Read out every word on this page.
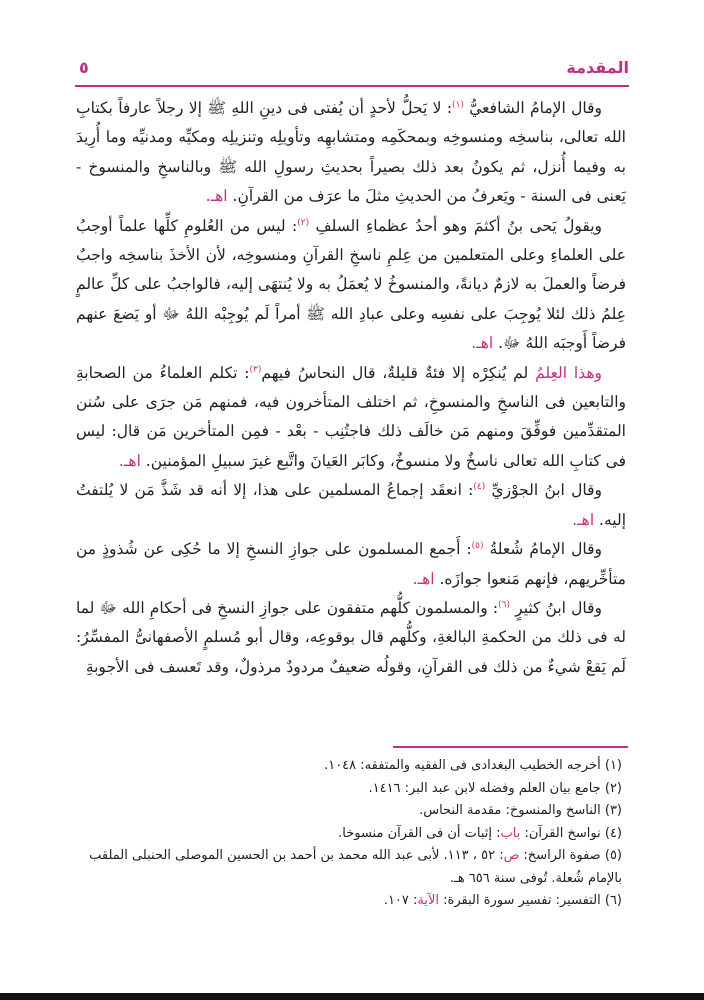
المقدمة
٥

وقال الإمامُ الشافعيُّ $^{(١)}$: لا يَحلُّ لأحدٍ أن يُفتى فى دينِ اللهِ ﷺ إلا رجلاً عارفاً بكتابِ الله تعالى، بناسخِه ومنسوخِه وبمحكَمِه ومتشابهِه وتأويلِه وتنزيلِه ومكيِّه ومدنيِّه وما أُرِيدَ به وفيما أُنزل، ثم يكونُ بعد ذلك بصيراً بحديثِ رسولِ الله ﷺ وبالناسخِ والمنسوخ - يَعنى فى السنة - ويَعرفُ من الحديثِ مثلَ ما عرَف من القرآنِ. اهـ.

ويقولُ يَحى بنُ أكثمَ وهو أحدُ عظماءِ السلفِ $^{(٢)}$: ليس من العُلومِ كلِّها علماً أوجبُ على العلماءِ وعلى المتعلمين من عِلمِ ناسخِ القرآنِ ومنسوخِه، لأن الأخذَ بناسخِه واجبٌ فرضاً والعملَ به لازمٌ ديانةً، والمنسوخُ لا يُعمَلُ به ولا يُنتهَى إليه، فالواجبُ على كلِّ عالمٍ عِلمُ ذلك لئلا يُوجِبَ على نفسِه وعلى عبادِ الله ﷺ أمراً لَم يُوجِبْه اللهُ ﷻ أو يَضعَ عنهم فرضاً أَوجبَه اللهُ ﷻ. اهـ.

وهذا العِلمُ لم يُنكِرْه إلا فئةٌ قليلةٌ، قال النحاسُ فيهم$^{(٣)}$: تكلم العلماءُ من الصحابةِ والتابعين فى الناسخِ والمنسوخِ، ثم اختلف المتأخرون فيه، فمنهم مَن جرَى على سُنن المتقدِّمين فوفِّقَ ومنهم مَن خالَف ذلك فاجتُنِب - بعْد - فمِن المتأخرين مَن قال: ليس فى كتابِ الله تعالى ناسخٌ ولا منسوخٌ، وكابَر العَيانَ واتَّبع غيرَ سبيلِ المؤمنين. اهـ.

وقال ابنُ الجوْزيِّ $^{(٤)}$: انعقَد إجماعُ المسلمين على هذا، إلا أنه قد شَذَّ مَن لا يُلتفتُ إليه. اهـ.

وقال الإمامُ شُعلةُ $^{(٥)}$: أَجمع المسلمون على جوازِ النسخِ إلا ما حُكِى عن شُذوذٍ من متأخِّريهم، فإنهم مَنعوا جوازَه. اهـ.

وقال ابنُ كثيرٍ $^{(٦)}$: والمسلمون كلُّهم متفقون على جوازِ النسخِ فى أحكامِ الله ﷻ لما له فى ذلك من الحكمةِ البالغةِ، وكلُّهم قال بوقوعِه، وقال أبو مُسلمٍ الأصفهانىُّ المفسِّرُ: لَم يَقعْ شيءٌ من ذلك فى القرآنِ، وقولُه ضعيفٌ مردودٌ مرذولٌ، وقد تَعسف فى الأجوبةِ

(١) أخرجه الخطيب البغدادى فى الفقيه والمتفقه: ١٠٤٨.
(٢) جامع بيان العلم وفضله لابن عبد البر: ١٤١٦.
(٣) الناسخ والمنسوخ: مقدمة النحاس.
(٤) نواسخ القرآن: باب: إثبات أن فى القرآن منسوخا.
(٥) صفوة الراسخ: ص: ٥٢ ، ١١٣. لأبى عبد الله محمد بن أحمد بن الحسين الموصلى الحنبلى الملقب بالإمام شُعلة. تُوفى سنة ٦٥٦ هـ.
(٦) التفسير: تفسير سورة البقرة: الآية: ١٠٧.
